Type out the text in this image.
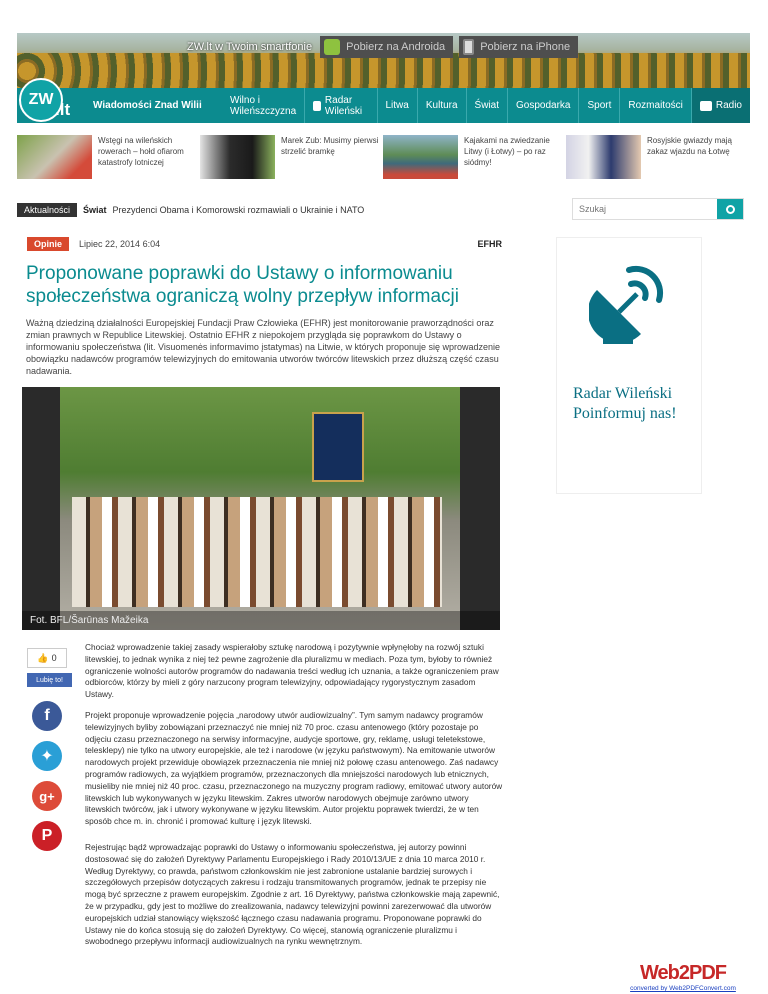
ZW.lt w Twoim smartfonie	Pobierz na Androida	Pobierz na iPhone
Wiadomości Znad Wilii	Wilno i Wileńszczyzna
Radar Wileński	Litwa Kultura Świat Gospodarka Sport Rozmaitości	Radio
ZW
.lt
Wstęgi na wileńskich rowerach – hołd ofiarom katastrofy lotniczej
Marek Zub: Musimy pierwsi strzelić bramkę
Kajakami na zwiedzanie Litwy (i Łotwy) – po raz siódmy!
Rosyjskie gwiazdy mają zakaz wjazdu na Łotwę
Aktualności	Świat Prezydenci Obama i Komorowski rozmawiali o Ukrainie i NATO
Szukaj
Opinie	Lipiec 22, 2014 6:04	EFHR
Proponowane poprawki do Ustawy o informowaniu społeczeństwa ograniczą wolny przepływ informacji

Ważną dziedziną działalności Europejskiej Fundacji Praw Człowieka (EFHR) jest monitorowanie praworządności oraz zmian prawnych w Republice Litewskiej. Ostatnio EFHR z niepokojem przygląda się poprawkom do Ustawy o informowaniu społeczeństwa (lit. Visuomenės informavimo įstatymas) na Litwie, w których proponuje się wprowadzenie obowiązku nadawców programów telewizyjnych do emitowania utworów twórców litewskich przez dłuższą część czasu nadawania.

Fot. BFL/Šarūnas Mažeika
👍 0
Lubię to!
f
✦
g+
P

Chociaż wprowadzenie takiej zasady wspierałoby sztukę narodową i pozytywnie wpłynęłoby na rozwój sztuki litewskiej, to jednak wynika z niej też pewne zagrożenie dla pluralizmu w mediach. Poza tym, byłoby to również ograniczenie wolności autorów programów do nadawania treści według ich uznania, a także ograniczeniem praw odbiorców, którzy by mieli z góry narzucony program telewizyjny, odpowiadający rygorystycznym zasadom Ustawy.

Projekt proponuje wprowadzenie pojęcia „narodowy utwór audiowizualny”. Tym samym nadawcy programów telewizyjnych byliby zobowiązani przeznaczyć nie mniej niż 70 proc. czasu antenowego (który pozostaje po odjęciu czasu przeznaczonego na serwisy informacyjne, audycje sportowe, gry, reklamę, usługi teletekstowe, telesklepy) nie tylko na utwory europejskie, ale też i narodowe (w języku państwowym). Na emitowanie utworów narodowych projekt przewiduje obowiązek przeznaczenia nie mniej niż połowę czasu antenowego. Zaś nadawcy programów radiowych, za wyjątkiem programów, przeznaczonych dla mniejszości narodowych lub etnicznych, musieliby nie mniej niż 40 proc. czasu, przeznaczonego na muzyczny program radiowy, emitować utwory autorów litewskich lub wykonywanych w języku litewskim. Zakres utworów narodowych obejmuje zarówno utwory litewskich twórców, jak i utwory wykonywane w języku litewskim. Autor projektu poprawek twierdzi, że w ten sposób chce m. in. chronić i promować kulturę i język litewski.

Rejestrując bądź wprowadzając poprawki do Ustawy o informowaniu społeczeństwa, jej autorzy powinni dostosować się do założeń Dyrektywy Parlamentu Europejskiego i Rady 2010/13/UE z dnia 10 marca 2010 r. Według Dyrektywy, co prawda, państwom członkowskim nie jest zabronione ustalanie bardziej surowych i szczegółowych przepisów dotyczących zakresu i rodzaju transmitowanych programów, jednak te przepisy nie mogą być sprzeczne z prawem europejskim. Zgodnie z art. 16 Dyrektywy, państwa członkowskie mają zapewnić, że w przypadku, gdy jest to możliwe do zrealizowania, nadawcy telewizyjni powinni zarezerwować dla utworów europejskich udział stanowiący większość łącznego czasu nadawania programu. Proponowane poprawki do Ustawy nie do końca stosują się do założeń Dyrektywy. Co więcej, stanowią ograniczenie pluralizmu i swobodnego przepływu informacji audiowizualnych na rynku wewnętrznym.

Radar Wileński
Poinformuj nas!
Web2PDF
converted by Web2PDFConvert.com
